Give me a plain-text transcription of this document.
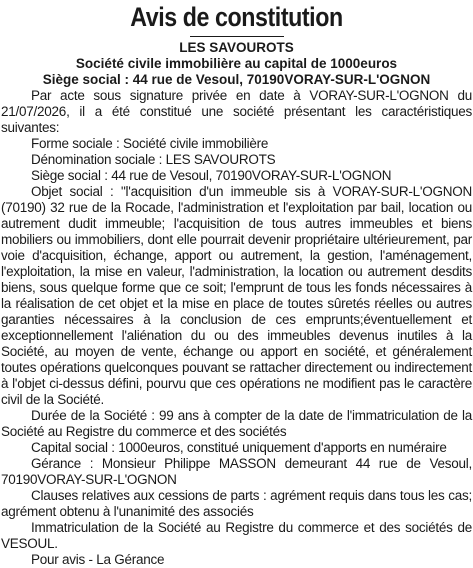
Avis de constitution
LES SAVOUROTS
Société civile immobilière au capital de 1000euros
Siège social : 44 rue de Vesoul, 70190VORAY-SUR-L'OGNON

Par acte sous signature privée en date à VORAY-SUR-L'OGNON du 21/07/2026, il a été constitué une société présentant les caractéristiques suivantes:

Forme sociale : Société civile immobilière

Dénomination sociale : LES SAVOUROTS

Siège social : 44 rue de Vesoul, 70190VORAY-SUR-L'OGNON

Objet social : "l'acquisition d'un immeuble sis à VORAY-SUR-L'OGNON (70190) 32 rue de la Rocade, l'administration et l'exploitation par bail, location ou autrement dudit immeuble; l'acquisition de tous autres immeubles et biens mobiliers ou immobiliers, dont elle pourrait devenir propriétaire ultérieurement, par voie d'acquisition, échange, apport ou autrement, la gestion, l'aménagement, l'exploitation, la mise en valeur, l'administration, la location ou autrement desdits biens, sous quelque forme que ce soit; l'emprunt de tous les fonds nécessaires à la réalisation de cet objet et la mise en place de toutes sûretés réelles ou autres garanties nécessaires à la conclusion de ces emprunts;éventuellement et exceptionnellement l'aliénation du ou des immeubles devenus inutiles à la Société, au moyen de vente, échange ou apport en société, et généralement toutes opérations quelconques pouvant se rattacher directement ou indirectement à l'objet ci-dessus défini, pourvu que ces opérations ne modifient pas le caractère civil de la Société.

Durée de la Société : 99 ans à compter de la date de l'immatriculation de la Société au Registre du commerce et des sociétés

Capital social : 1000euros, constitué uniquement d'apports en numéraire

Gérance : Monsieur Philippe MASSON demeurant 44 rue de Vesoul, 70190VORAY-SUR-L'OGNON

Clauses relatives aux cessions de parts : agrément requis dans tous les cas; agrément obtenu à l'unanimité des associés

Immatriculation de la Société au Registre du commerce et des sociétés de VESOUL.

Pour avis - La Gérance
